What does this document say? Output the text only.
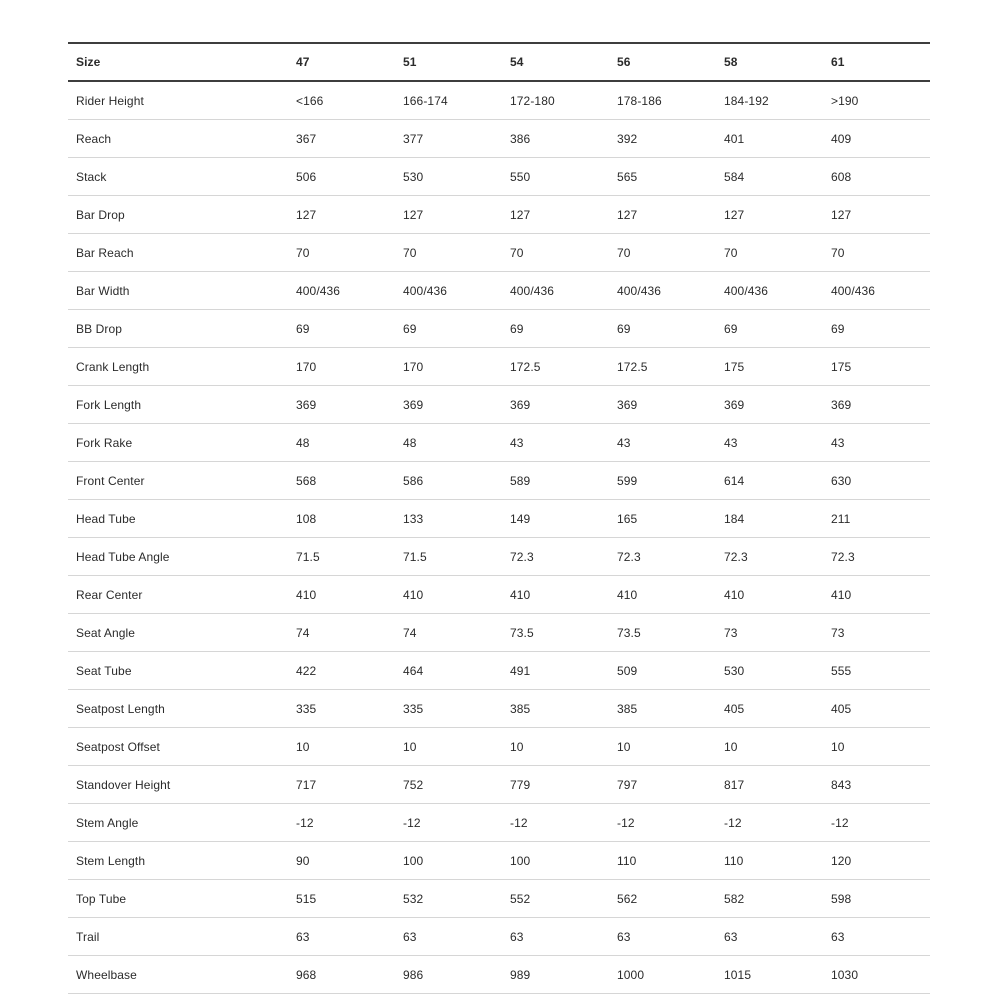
Size	47	51	54	56	58	61
Rider Height	<166	166-174	172-180	178-186	184-192	>190
Reach	367	377	386	392	401	409
Stack	506	530	550	565	584	608
Bar Drop	127	127	127	127	127	127
Bar Reach	70	70	70	70	70	70
Bar Width	400/436	400/436	400/436	400/436	400/436	400/436
BB Drop	69	69	69	69	69	69
Crank Length	170	170	172.5	172.5	175	175
Fork Length	369	369	369	369	369	369
Fork Rake	48	48	43	43	43	43
Front Center	568	586	589	599	614	630
Head Tube	108	133	149	165	184	211
Head Tube Angle	71.5	71.5	72.3	72.3	72.3	72.3
Rear Center	410	410	410	410	410	410
Seat Angle	74	74	73.5	73.5	73	73
Seat Tube	422	464	491	509	530	555
Seatpost Length	335	335	385	385	405	405
Seatpost Offset	10	10	10	10	10	10
Standover Height	717	752	779	797	817	843
Stem Angle	-12	-12	-12	-12	-12	-12
Stem Length	90	100	100	110	110	120
Top Tube	515	532	552	562	582	598
Trail	63	63	63	63	63	63
Wheelbase	968	986	989	1000	1015	1030
